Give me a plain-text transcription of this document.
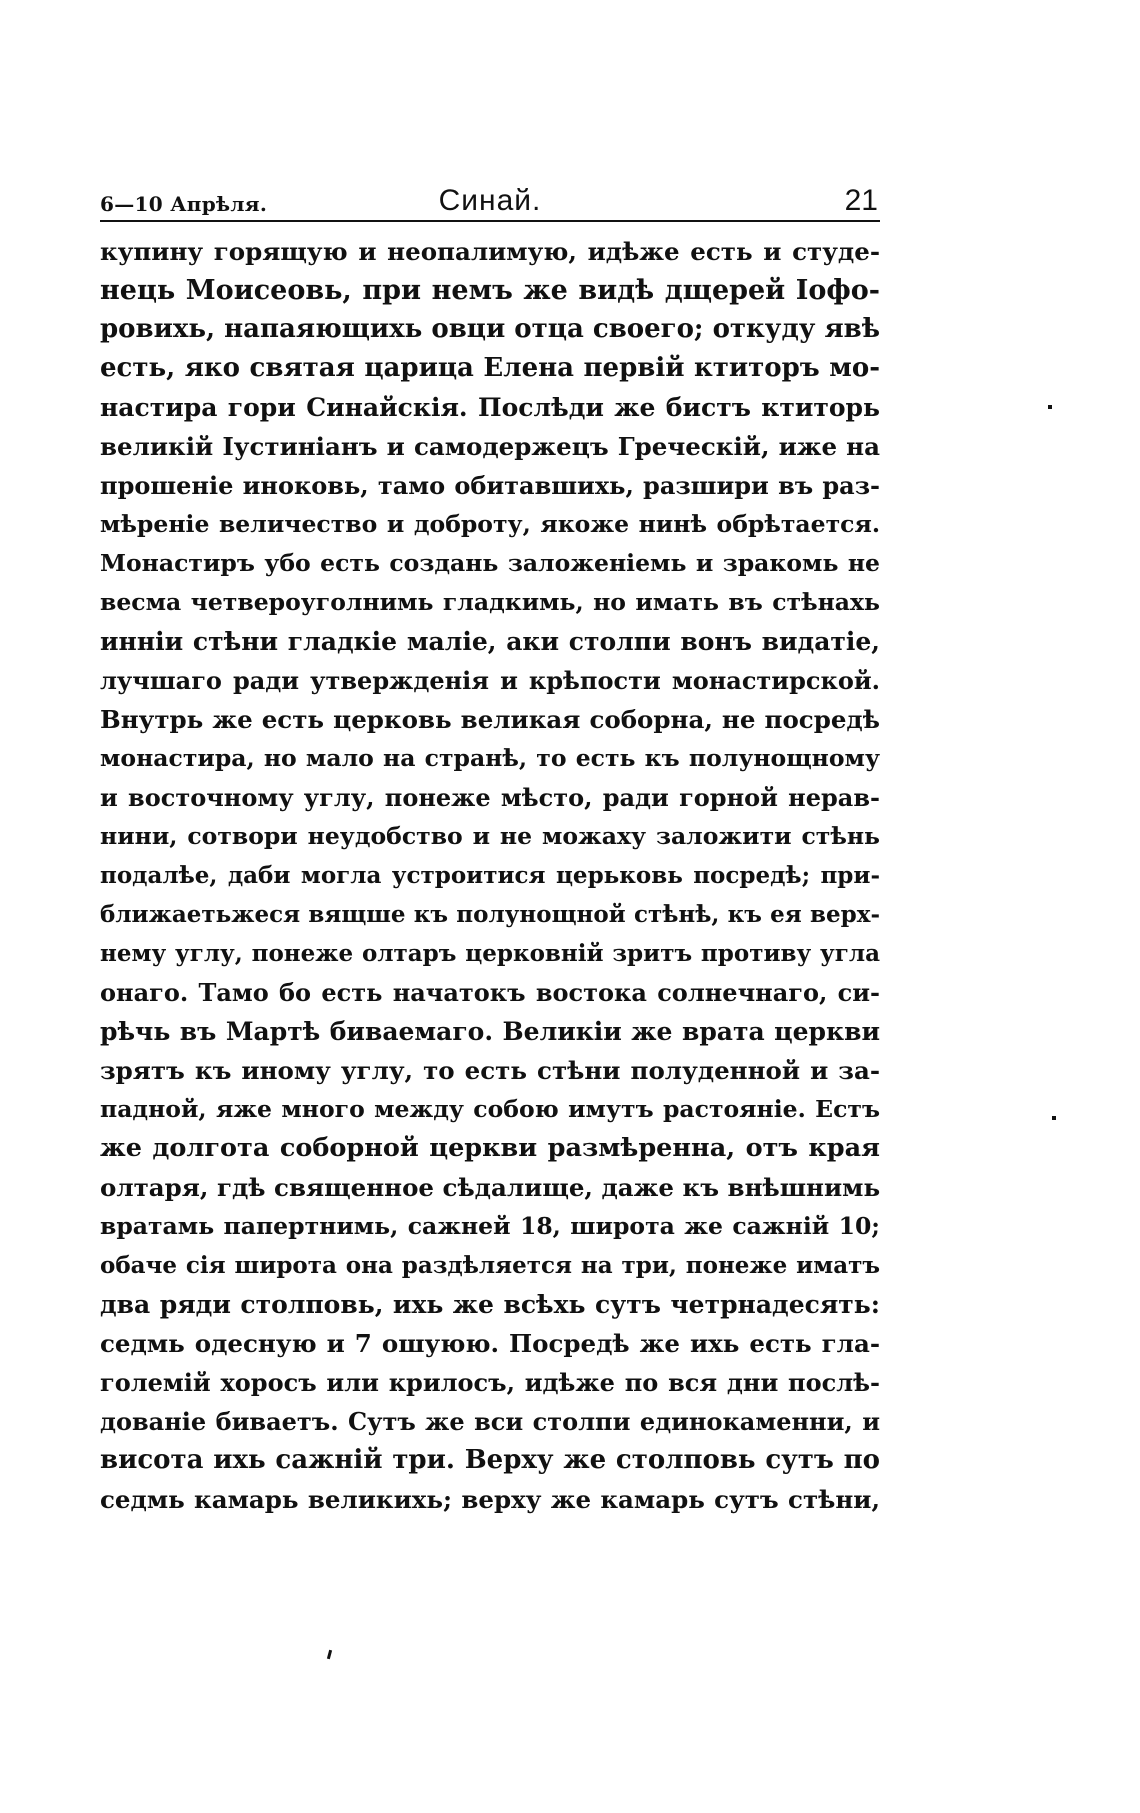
6—10 Апрѣля.	Синай.	21
купину горящую и неопалимую, идѣже есть и студе-
нець Моисеовь, при немъ же видѣ дщерей Іофо-
ровихь, напаяющихь овци отца своего; откуду явѣ
есть, яко святая царица Елена первій ктиторъ мо-
настира гори Синайскія. Послѣди же бистъ ктиторь
великій Іустиніанъ и самодержецъ Греческій, иже на
прошеніе иноковь, тамо обитавшихь, разшири въ раз-
мѣреніе величество и доброту, якоже нинѣ обрѣтается.
Монастиръ убо есть создань заложеніемь и зракомь не
весма четвероуголнимь гладкимь, но имать въ стѣнахь
инніи стѣни гладкіе маліе, аки столпи вонъ видатіе,
лучшаго ради утвержденія и крѣпости монастирской.
Внутрь же есть церковь великая соборна, не посредѣ
монастира, но мало на странѣ, то есть къ полунощному
и восточному углу, понеже мѣсто, ради горной нерав-
нини, сотвори неудобство и не можаху заложити стѣнь
подалѣе, даби могла устроитися церьковь посредѣ; при-
ближаетьжеся вящше къ полунощной стѣнѣ, къ ея верх-
нему углу, понеже олтаръ церковній зритъ противу угла
онаго. Тамо бо есть начатокъ востока солнечнаго, си-
рѣчь въ Мартѣ биваемаго. Великіи же врата церкви
зрятъ къ иному углу, то есть стѣни полуденной и за-
падной, яже много между собою имутъ растояніе. Естъ
же долгота соборной церкви размѣренна, отъ края
олтаря, гдѣ священное сѣдалище, даже къ внѣшнимь
вратамь папертнимь, сажней 18, широта же сажній 10;
обаче сія широта она раздѣляется на три, понеже иматъ
два ряди столповь, ихь же всѣхь сутъ четрнадесять:
седмь одесную и 7 ошуюю. Посредѣ же ихь есть гла-
големій хоросъ или крилосъ, идѣже по вся дни послѣ-
дованіе биваетъ. Сутъ же вси столпи единокаменни, и
висота ихь сажній три. Верху же столповь сутъ по
седмь камарь великихь; верху же камарь сутъ стѣни,
